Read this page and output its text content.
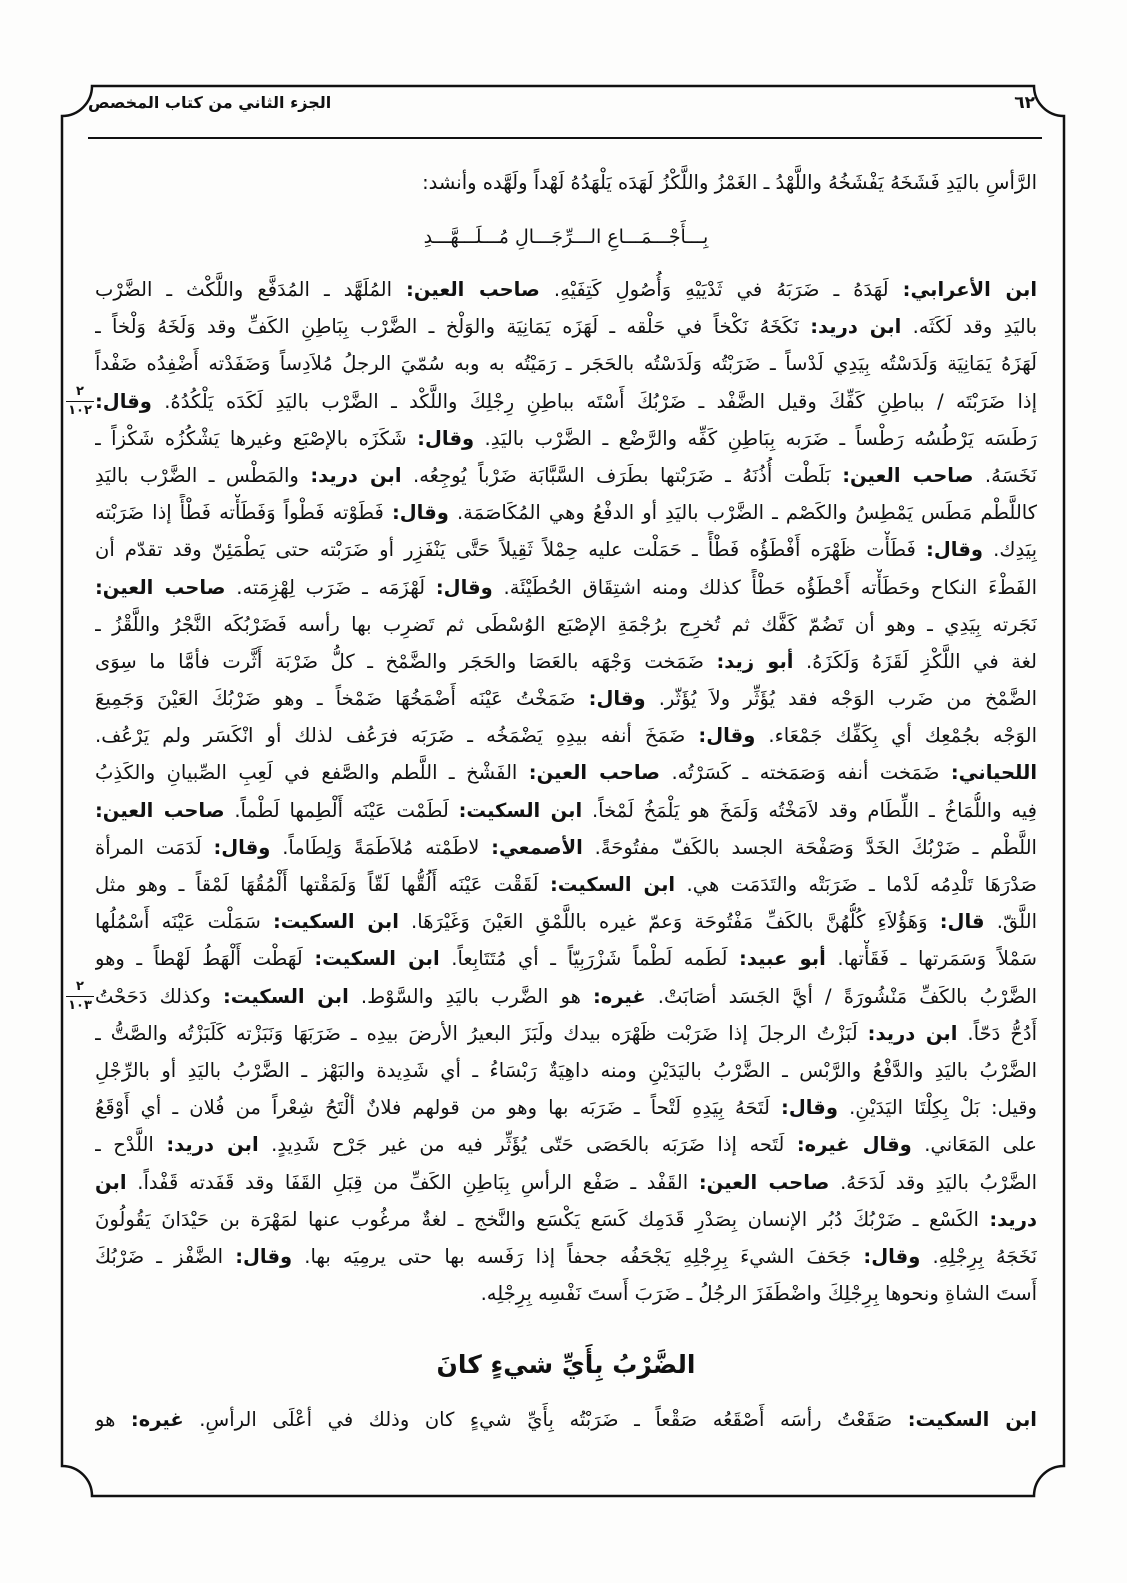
الجزء الثاني من كتاب المخصص	٦٢
٢
١٠٢
٢
١٠٣
الرَّأسِ باليَدِ فَشَخَهُ يَفْشَخُهُ واللَّهْدُ ـ الغَمْزُ واللَّكْزُ لَهَدَه يَلْهَدُهُ لَهْداً ولَهَّده وأنشد:
بِـــأَجْـــمَـــاعِ الـــرِّجَـــالِ مُـــلَـــهَّـــدِ
ابن الأعرابي: لَهَدَهُ ـ ضَرَبَهُ في ثَدْيَيْهِ وَأُصُولِ كَتِفَيْهِ. صاحب العين: المُلَهَّد ـ المُدَفَّع واللَّكْث ـ الضَّرْب
باليَدِ وقد لَكَثَه. ابن دريد: نَكَخَهُ نَكْخاً في حَلْقه ـ لَهَزَه يَمَانِيَة والوَلْخ ـ الضَّرْب بِبَاطِنِ الكَفِّ وقد وَلَخَهُ وَلْخاً ـ
لَهَزَهُ يَمَانِيَة وَلَدَسْتُه بِيَدِي لَدْساً ـ ضَرَبْتُه وَلَدَسْتُه بالحَجَر ـ رَمَيْتُه به وبه سُمّيَ الرجلُ مُلاَدِساً وَضَفَدْته أَضْفِدُه ضَفْداً
إذا ضَرَبْتَه / بباطِنِ كَفِّكَ وقيل الضَّفْد ـ ضَرْبُكَ أَسْتَه بباطِنِ رِجْلِكَ واللَّكْد ـ الضَّرْب باليَدِ لَكَدَه يَلْكُدُهُ. وقال:
رَطَسَه يَرْطُسُه رَطْساً ـ ضَرَبه بِبَاطِنِ كَفِّه والرَّضْع ـ الضَّرْب باليَدِ. وقال: شَكَزَه بالإصْبَع وغيرها يَشْكُزُه شَكْزاً ـ
نَخَسَهُ. صاحب العين: بَلَطْت أُذُنَهُ ـ ضَرَبْتها بطَرَف السَّبَّابَة ضَرْباً يُوجِعُه. ابن دريد: والمَطْس ـ الضَّرْب باليَدِ
كاللَّطْم مَطَس يَمْطِسُ والكَصْم ـ الضَّرْب باليَدِ أو الدفْعُ وهي المُكَاصَمَة. وقال: فَطَوْته فَطْواً وَفَطَأْته فَطْأً إذا ضَرَبْته
بِيَدِك. وقال: فَطَأْت ظَهْرَه أَفْطَؤُه فَطْأً ـ حَمَلْت عليه حِمْلاً ثَقِيلاً حَتَّى يَنْفَزِر أو ضَرَبْته حتى يَطْمَئِنّ وقد تقدّم أن
الفَطْءَ النكاح وحَطَأْته أَحْطَؤُه حَطْأً كذلك ومنه اشتِقَاق الحُطَيْئَة. وقال: لَهْزَمَه ـ ضَرَب لِهْزِمَته. صاحب العين:
نَجَرته بِيَدِي ـ وهو أن تَضُمّ كَفَّك ثم تُخرِج برُجْمَةِ الإصْبَع الوُسْطَى ثم تَضرِب بها رأسه فَضَرْبُكَه النَّجْرُ واللَّقْزُ ـ
لغة في اللَّكْزِ لَقَزَهُ وَلَكَزَهُ. أبو زيد: ضَمَخت وَجْهَه بالعَصَا والحَجَر والضَّمْخ ـ كلُّ ضَرْبَة أَثَّرت فأمَّا ما سِوَى
الضَّمْخ من ضَرب الوَجْه فقد يُؤَثِّر ولاَ يُؤَثّر. وقال: ضَمَخْتُ عَيْنَه أَضْمَخُهَا ضَمْخاً ـ وهو ضَرْبُكَ العَيْنَ وَجَمِيعَ
الوَجْه بجُمْعِك أي بِكَفِّك جَمْعَاء. وقال: ضَمَخَ أنفه بيدِهِ يَضْمَخُه ـ ضَرَبَه فرَعُف لذلك أو انْكَسَر ولم يَرْعُف.
اللحياني: ضَمَخت أنفه وَصَمَخته ـ كَسَرْتُه. صاحب العين: الفَشْخ ـ اللَّطم والصَّفع في لَعِبِ الصِّبيانِ والكَذِبُ
فِيه واللُّمَاخُ ـ اللِّطَام وقد لاَمَخْتُه وَلَمَخَ هو يَلْمَخُ لَمْخاً. ابن السكيت: لَطَمْت عَيْنَه أَلْطِمها لَطْماً. صاحب العين:
اللَّطْم ـ ضَرْبُكَ الخَدَّ وَصَفْحَة الجسد بالكَفّ مفتُوحَةً. الأصمعي: لاطَمْته مُلاَطَمَةً وَلِطَاماً. وقال: لَدَمَت المرأة
صَدْرَهَا تَلْدِمُه لَدْما ـ ضَرَبَتْه والتَدَمَت هي. ابن السكيت: لَقَقْت عَيْنَه أَلُقُّها لَقّاً وَلَمَقْتها أَلْمُقُهَا لَمْقاً ـ وهو مثل
اللَّقّ. قال: وَهَؤُلاَءِ كُلُّهُنَّ بالكَفِّ مَفْتُوحَة وَعمّ غيره باللَّمْقِ العَيْنَ وَغَيْرَهَا. ابن السكيت: سَمَلْت عَيْنَه أَسْمُلُها
سَمْلاً وَسَمَرتها ـ فَقَأْتها. أبو عبيد: لَطَمه لَطْماً شَزْرَبِيّاً ـ أي مُتَتَابِعاً. ابن السكيت: لَهَطْت أَلْهَطُ لَهْطاً ـ وهو
الضَّرْبُ بالكَفِّ مَنْشُورَةً / أيَّ الجَسَد أصَابَتْ. غيره: هو الضَّرب باليَدِ والسَّوْط. ابن السكيت: وكذلك دَحَحْتُ
أَدُحُّ دَحّاً. ابن دريد: لَبَزْتُ الرجلَ إذا ضَرَبْت ظَهْرَه بيدك ولَبَزَ البعيرُ الأرضَ بيدِه ـ ضَرَبَهَا وَنَبَزْته كَلَبَزْتُه والصَّتُّ ـ
الضَّرْبُ باليَدِ والدَّفْعُ والرَّبْس ـ الضَّرْبُ باليَدَيْنِ ومنه داهِيَةٌ رَبْسَاءُ ـ أي شَدِيدة والبَهْز ـ الضَّرْبُ باليَدِ أو بالرِّجْلِ
وقيل: بَلْ بِكِلْتَا اليَدَيْنِ. وقال: لَتَحَهُ بِيَدِهِ لَتْحاً ـ ضَرَبَه بها وهو من قولهم فلانٌ ألْتَحُ شِعْراً من فُلان ـ أي أَوْقَعُ
على المَعَاني. وقال غيره: لَتَحه إذا ضَرَبَه بالحَصَى حَتّى يُؤَثِّر فيه من غير جَرْح شَدِيدٍ. ابن دريد: اللَّدْح ـ
الضَّرْبُ باليَدِ وقد لَدَحَهُ. صاحب العين: القَفْد ـ صَفْع الرأسِ بِبَاطِنِ الكَفِّ من قِبَلِ القَفَا وقد قَفَدته قَفْداً. ابن
دريد: الكَسْع ـ ضَرْبُكَ دُبُر الإنسان بِصَدْرِ قَدَمِك كَسَع يَكْسَع والنَّخج ـ لغةٌ مرغُوب عنها لمَهْرَة بن حَيْدَانَ يَقُولُونَ
نَخَجَهُ بِرِجْلِهِ. وقال: جَحَفَ الشيءَ بِرِجْلِهِ يَجْحَفُه جحفاً إذا رَفَسه بها حتى يرمِيَه بها. وقال: الضَّفْز ـ ضَرْبُكَ
أَستَ الشاةِ ونحوها بِرِجْلِكَ واضْطَفَزَ الرجُلُ ـ ضَرَبَ أَستَ نَفْسِه بِرِجْلِه.
الضَّرْبُ بِأَيِّ شيءٍ كانَ
ابن السكيت: صَقَعْتُ رأسَه أَصْقَعُه صَقْعاً ـ ضَرَبْتُه بِأَيِّ شيءٍ كان وذلك في أعْلَى الرأسِ. غيره: هو
